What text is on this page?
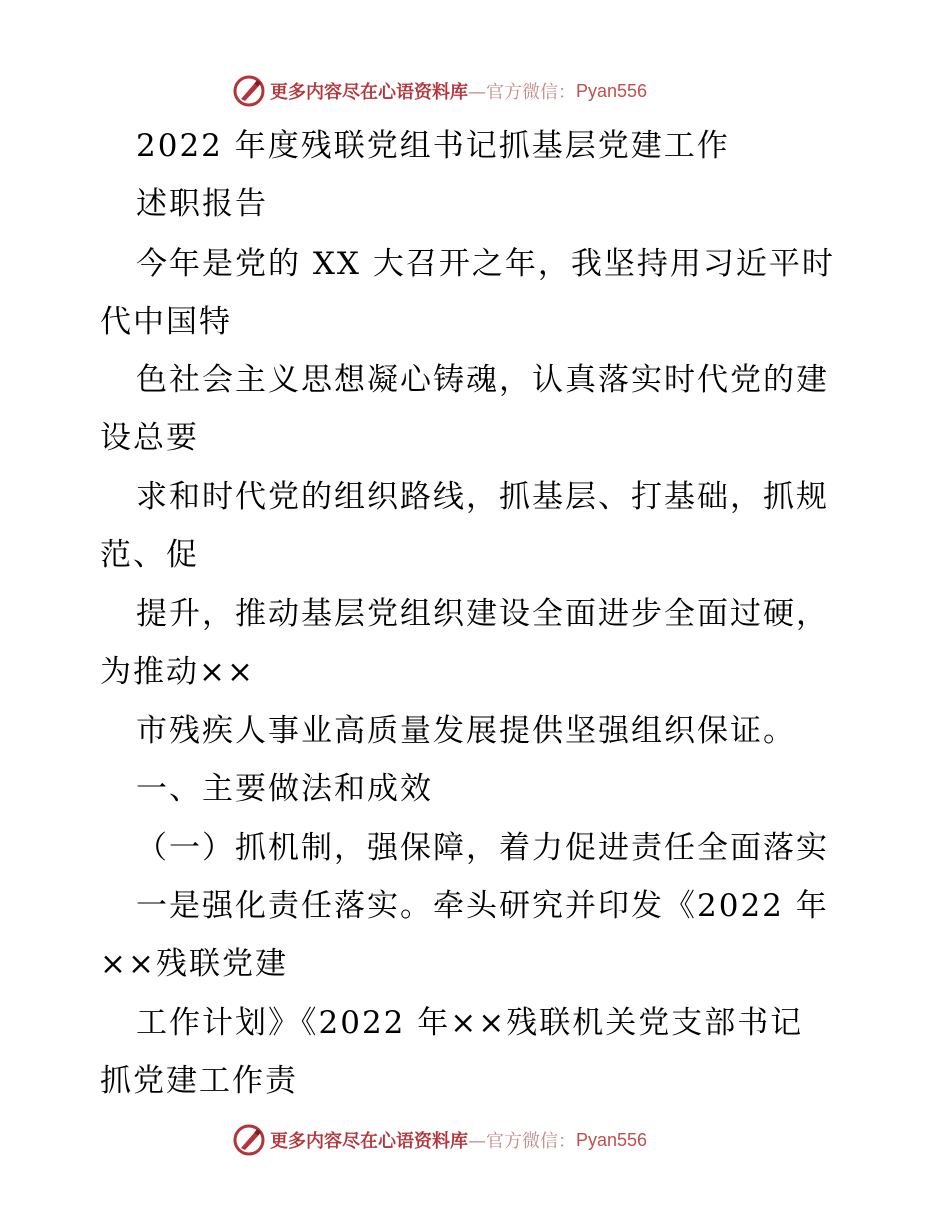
更多内容尽在心语资料库 —官方微信： Pyan556
2022 年度残联党组书记抓基层党建工作
述职报告
今年是党的 XX 大召开之年，我坚持用习近平时
代中国特
色社会主义思想凝心铸魂，认真落实时代党的建
设总要
求和时代党的组织路线，抓基层、打基础，抓规
范、促
提升，推动基层党组织建设全面进步全面过硬，
为推动××
市残疾人事业高质量发展提供坚强组织保证。
一、主要做法和成效
（一）抓机制，强保障，着力促进责任全面落实
一是强化责任落实。牵头研究并印发《2022 年
××残联党建
工作计划》《2022 年××残联机关党支部书记
抓党建工作责
更多内容尽在心语资料库 —官方微信： Pyan556
